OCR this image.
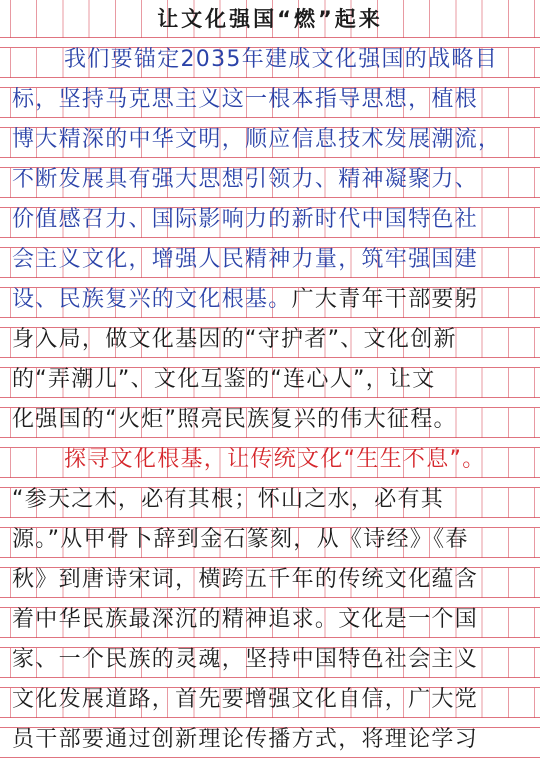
让文化强国“燃”起来
我们要锚定2035年建成文化强国的战略目
标，坚持马克思主义这一根本指导思想，植根
博大精深的中华文明，顺应信息技术发展潮流，
不断发展具有强大思想引领力、精神凝聚力、
价值感召力、国际影响力的新时代中国特色社
会主义文化，增强人民精神力量，筑牢强国建
设、民族复兴的文化根基。广大青年干部要躬
身入局，做文化基因的“守护者”、文化创新
的“弄潮儿”、文化互鉴的“连心人”，让文
化强国的“火炬”照亮民族复兴的伟大征程。
探寻文化根基，让传统文化“生生不息”。
“参天之木，必有其根；怀山之水，必有其
源。”从甲骨卜辞到金石篆刻，从《诗经》《春
秋》到唐诗宋词，横跨五千年的传统文化蕴含
着中华民族最深沉的精神追求。文化是一个国
家、一个民族的灵魂，坚持中国特色社会主义
文化发展道路，首先要增强文化自信，广大党
员干部要通过创新理论传播方式，将理论学习
